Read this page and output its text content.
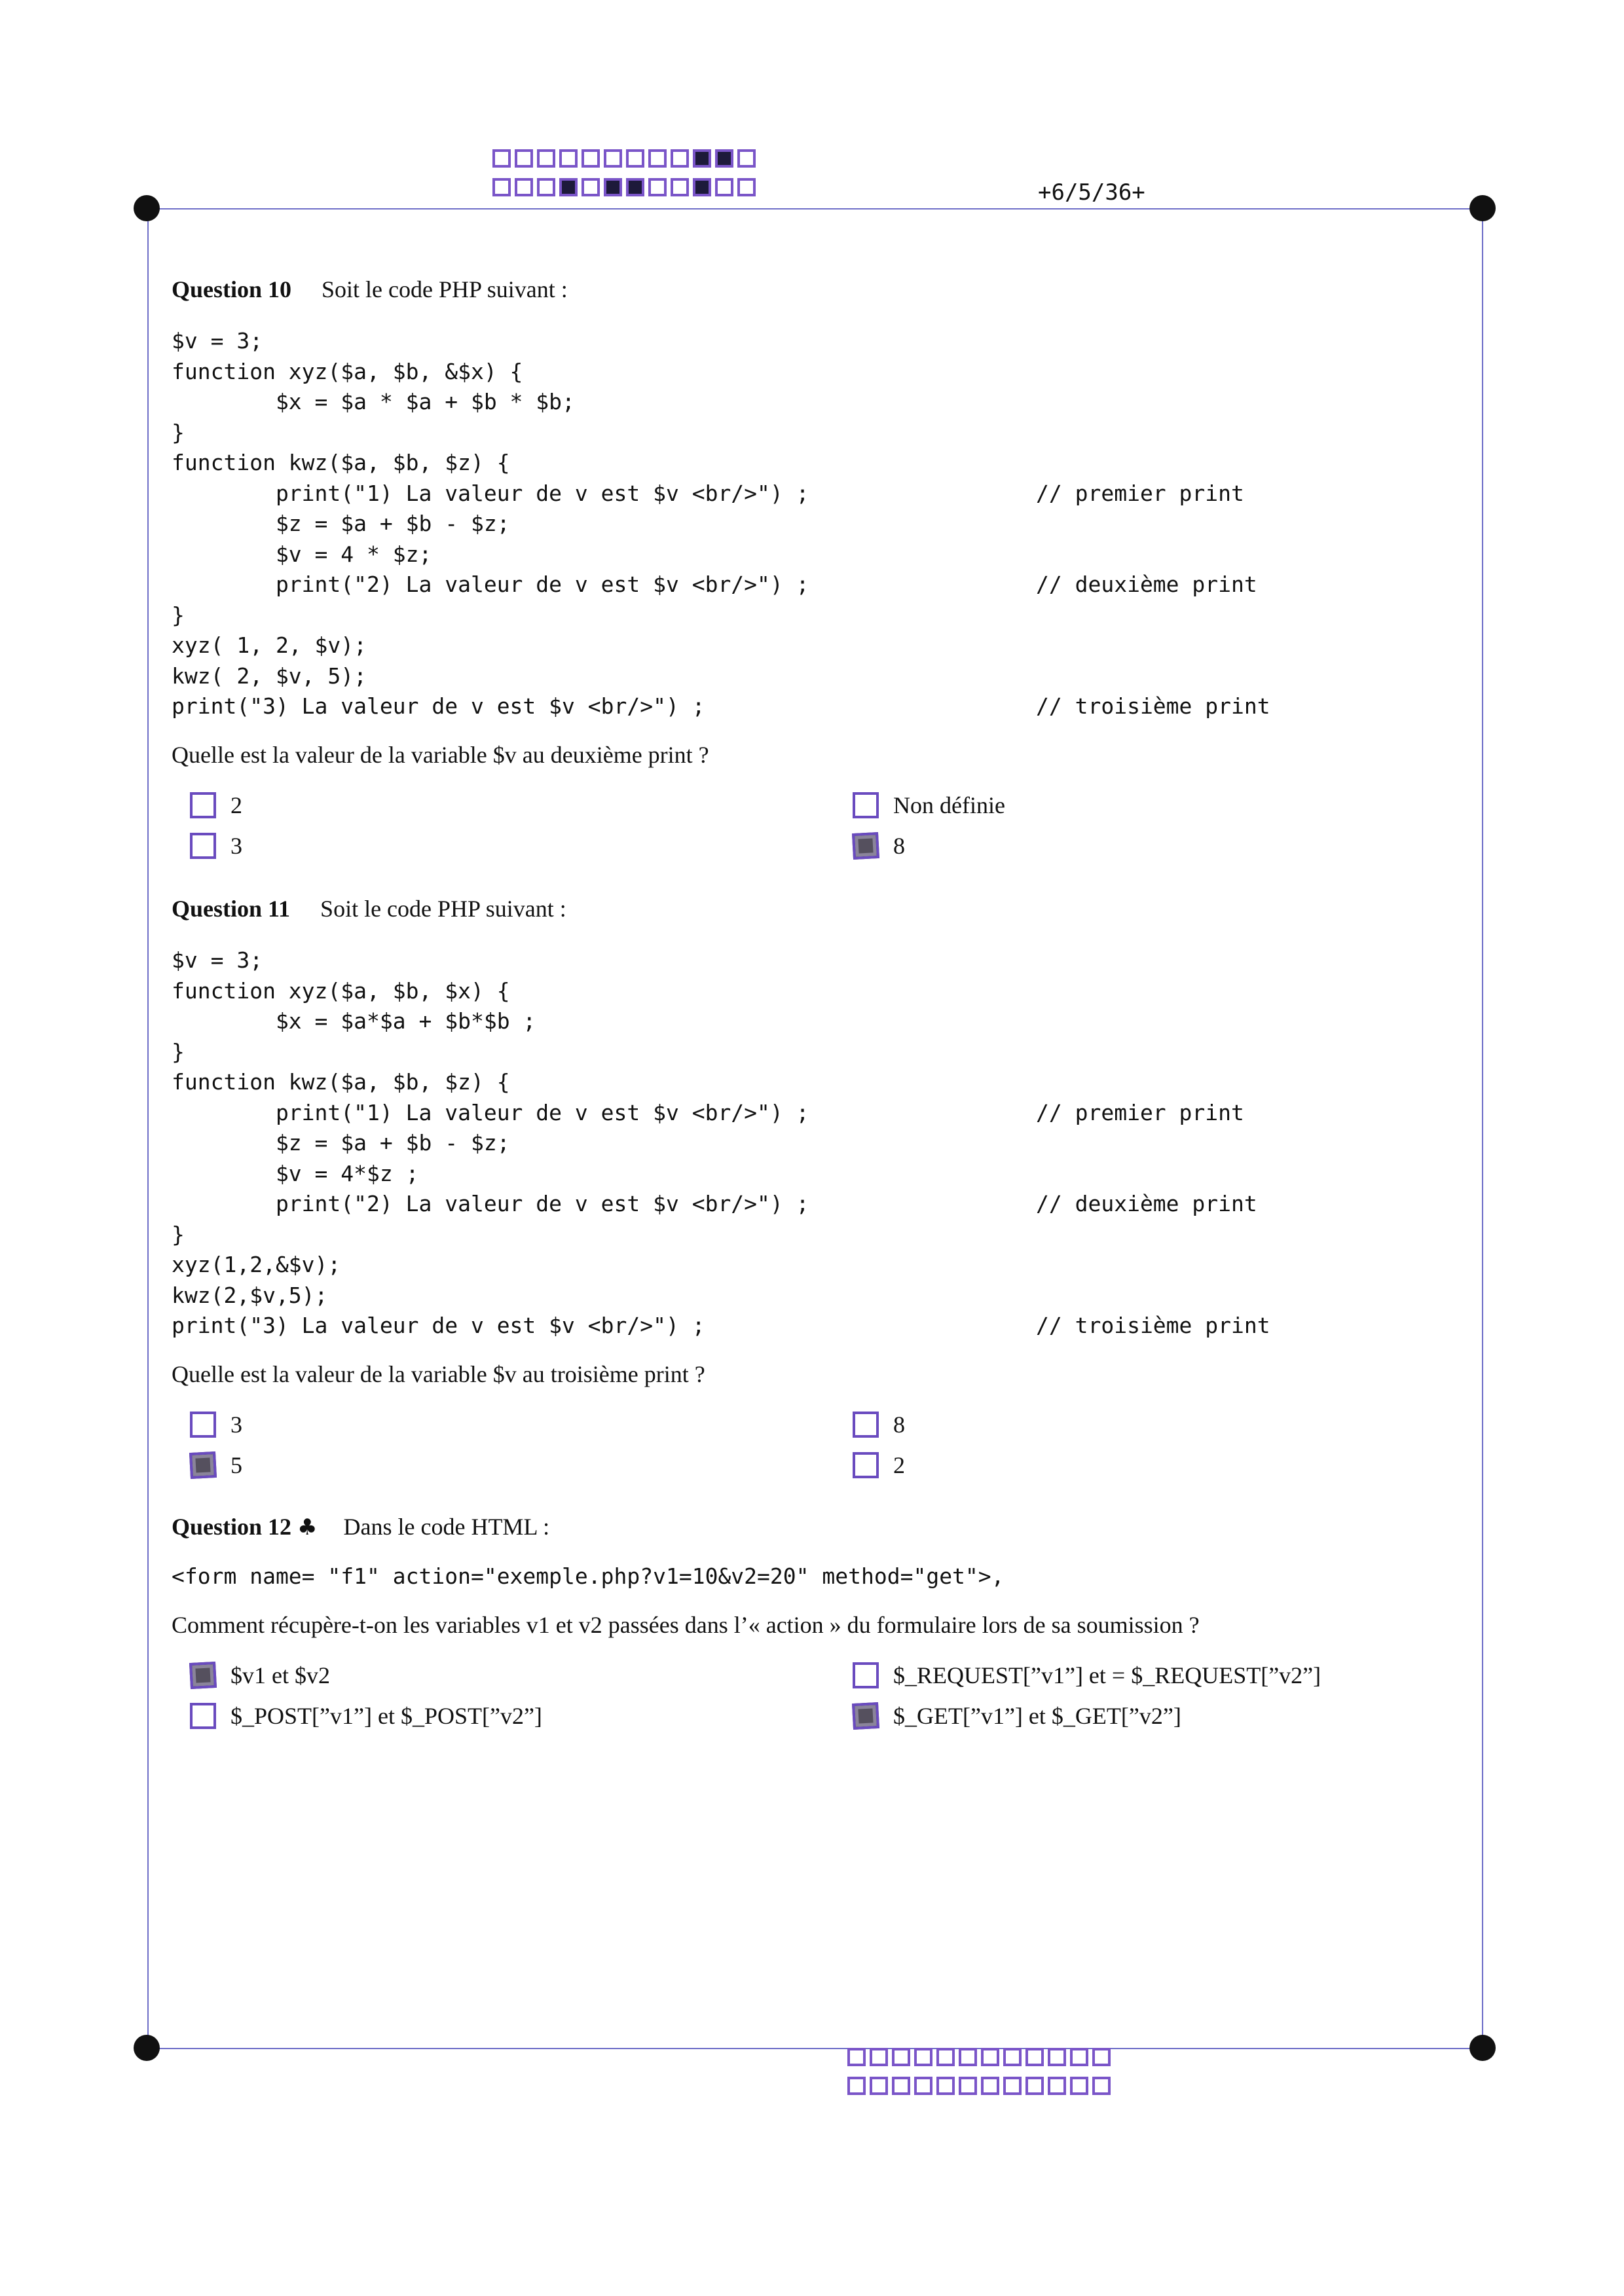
+6/5/36+
Question 10 Soit le code PHP suivant :
$v = 3;
function xyz($a, $b, &$x) {
$x = $a * $a + $b * $b;
}
function kwz($a, $b, $z) {
print("1) La valeur de v est $v <br/>") ;	// premier print
$z = $a + $b - $z;
$v = 4 * $z;
print("2) La valeur de v est $v <br/>") ;	// deuxième print
}
xyz( 1, 2, $v);
kwz( 2, $v, 5);
print("3) La valeur de v est $v <br/>") ;	// troisième print
Quelle est la valeur de la variable $v au deuxième print ?
2
3
Non définie
8
Question 11 Soit le code PHP suivant :
$v = 3;
function xyz($a, $b, $x) {
$x = $a*$a + $b*$b ;
}
function kwz($a, $b, $z) {
print("1) La valeur de v est $v <br/>") ;	// premier print
$z = $a + $b - $z;
$v = 4*$z ;
print("2) La valeur de v est $v <br/>") ;	// deuxième print
}
xyz(1,2,&$v);
kwz(2,$v,5);
print("3) La valeur de v est $v <br/>") ;	// troisième print
Quelle est la valeur de la variable $v au troisième print ?
3
5
8
2
Question 12 ♣ Dans le code HTML :
<form name= "f1" action="exemple.php?v1=10&v2=20" method="get">,
Comment récupère-t-on les variables v1 et v2 passées dans l’« action » du formulaire lors de sa soumission ?
$v1 et $v2
$_POST[”v1”] et $_POST[”v2”]
$_REQUEST[”v1”] et = $_REQUEST[”v2”]
$_GET[”v1”] et $_GET[”v2”]
